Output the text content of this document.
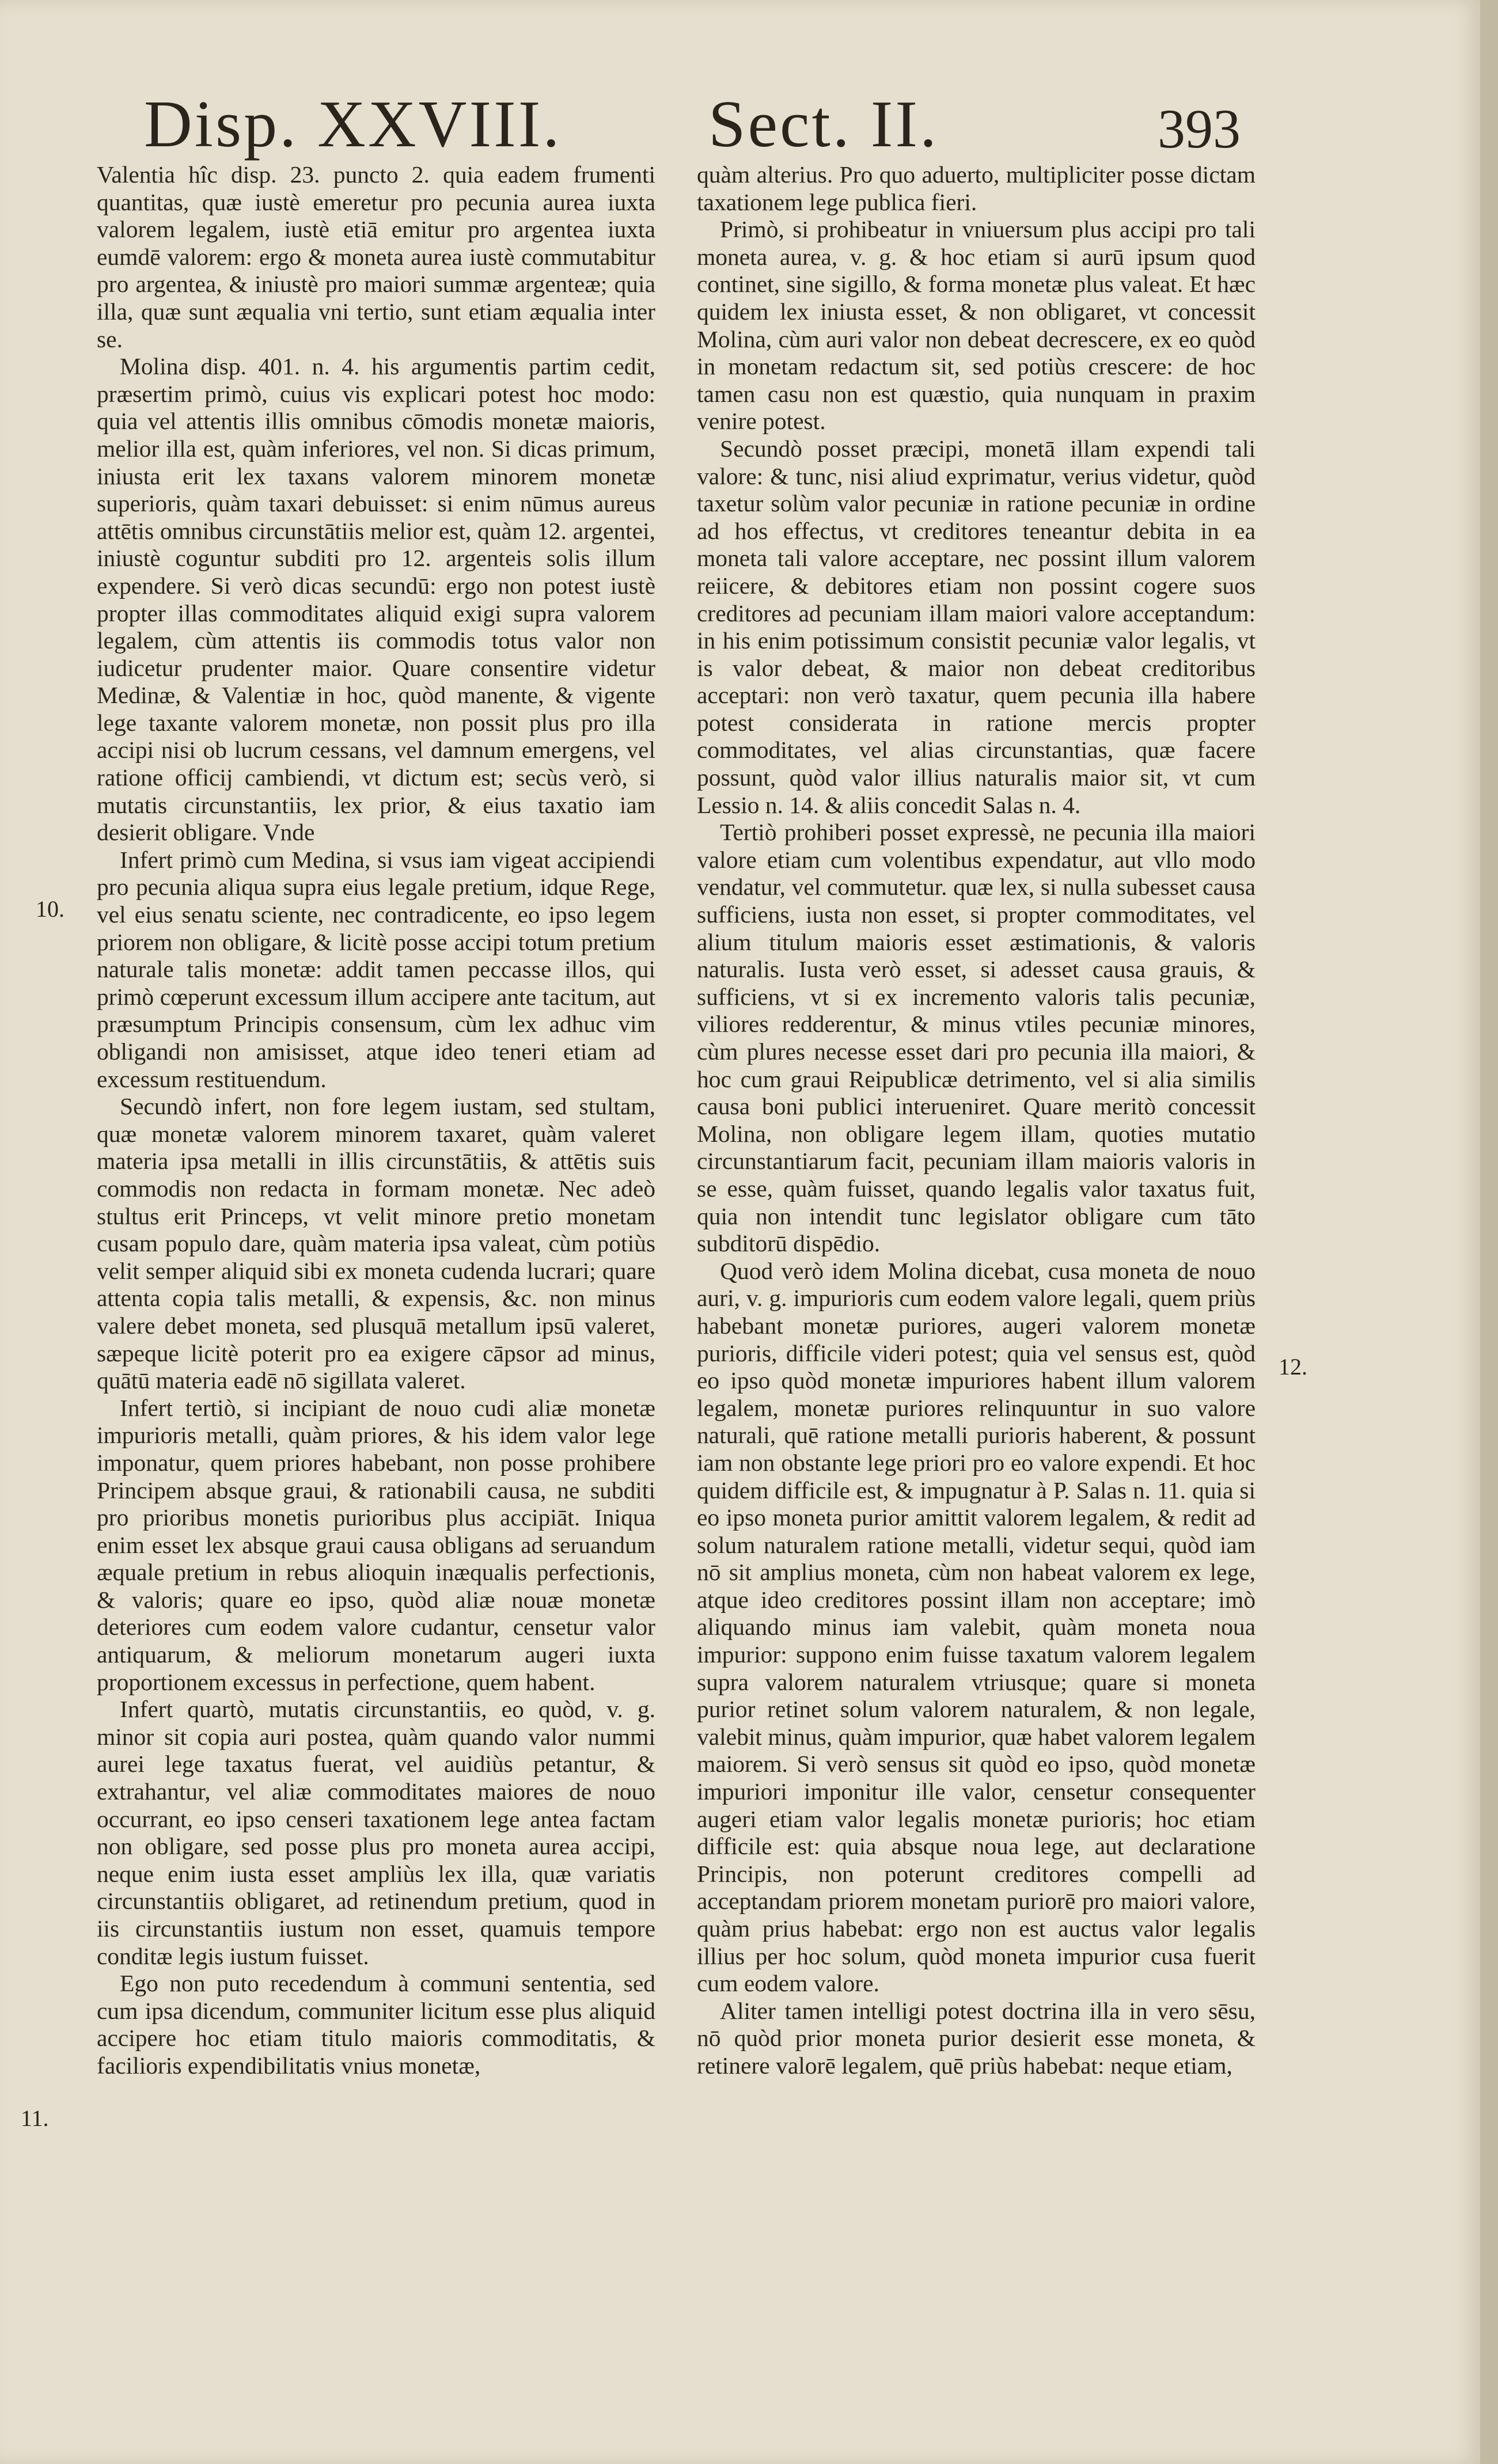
Disp. XXVIII. Sect. II.	393

Valentia hîc disp. 23. puncto 2. quia eadem frumenti quantitas, quæ iustè emeretur pro pecunia aurea iuxta valorem legalem, iustè etiā emitur pro argentea iuxta eumdē valorem: ergo & moneta aurea iustè commutabitur pro argentea, & iniustè pro maiori summæ argenteæ; quia illa, quæ sunt æqualia vni tertio, sunt etiam æqualia inter se.

Molina disp. 401. n. 4. his argumentis partim cedit, præsertim primò, cuius vis explicari potest hoc modo: quia vel attentis illis omnibus cōmodis monetæ maioris, melior illa est, quàm inferiores, vel non. Si dicas primum, iniusta erit lex taxans valorem minorem monetæ superioris, quàm taxari debuisset: si enim nūmus aureus attētis omnibus circunstātiis melior est, quàm 12. argentei, iniustè coguntur subditi pro 12. argenteis solis illum expendere. Si verò dicas secundū: ergo non potest iustè propter illas commoditates aliquid exigi supra valorem legalem, cùm attentis iis commodis totus valor non iudicetur prudenter maior. Quare consentire videtur Medinæ, & Valentiæ in hoc, quòd manente, & vigente lege taxante valorem monetæ, non possit plus pro illa accipi nisi ob lucrum cessans, vel damnum emergens, vel ratione officij cambiendi, vt dictum est; secùs verò, si mutatis circunstantiis, lex prior, & eius taxatio iam desierit obligare. Vnde

Infert primò cum Medina, si vsus iam vigeat accipiendi pro pecunia aliqua supra eius legale pretium, idque Rege, vel eius senatu sciente, nec contradicente, eo ipso legem priorem non obligare, & licitè posse accipi totum pretium naturale talis monetæ: addit tamen peccasse illos, qui primò cœperunt excessum illum accipere ante tacitum, aut præsumptum Principis consensum, cùm lex adhuc vim obligandi non amisisset, atque ideo teneri etiam ad excessum restituendum.

Secundò infert, non fore legem iustam, sed stultam, quæ monetæ valorem minorem taxaret, quàm valeret materia ipsa metalli in illis circunstātiis, & attētis suis commodis non redacta in formam monetæ. Nec adeò stultus erit Princeps, vt velit minore pretio monetam cusam populo dare, quàm materia ipsa valeat, cùm potiùs velit semper aliquid sibi ex moneta cudenda lucrari; quare attenta copia talis metalli, & expensis, &c. non minus valere debet moneta, sed plusquā metallum ipsū valeret, sæpeque licitè poterit pro ea exigere cāpsor ad minus, quātū materia eadē nō sigillata valeret.

Infert tertiò, si incipiant de nouo cudi aliæ monetæ impurioris metalli, quàm priores, & his idem valor lege imponatur, quem priores habebant, non posse prohibere Principem absque graui, & rationabili causa, ne subditi pro prioribus monetis purioribus plus accipiāt. Iniqua enim esset lex absque graui causa obligans ad seruandum æquale pretium in rebus alioquin inæqualis perfectionis, & valoris; quare eo ipso, quòd aliæ nouæ monetæ deteriores cum eodem valore cudantur, censetur valor antiquarum, & meliorum monetarum augeri iuxta proportionem excessus in perfectione, quem habent.

Infert quartò, mutatis circunstantiis, eo quòd, v. g. minor sit copia auri postea, quàm quando valor nummi aurei lege taxatus fuerat, vel auidiùs petantur, & extrahantur, vel aliæ commoditates maiores de nouo occurrant, eo ipso censeri taxationem lege antea factam non obligare, sed posse plus pro moneta aurea accipi, neque enim iusta esset ampliùs lex illa, quæ variatis circunstantiis obligaret, ad retinendum pretium, quod in iis circunstantiis iustum non esset, quamuis tempore conditæ legis iustum fuisset.

Ego non puto recedendum à communi sententia, sed cum ipsa dicendum, communiter licitum esse plus aliquid accipere hoc etiam titulo maioris commoditatis, & facilioris expendibilitatis vnius monetæ,

quàm alterius. Pro quo aduerto, multipliciter posse dictam taxationem lege publica fieri.

Primò, si prohibeatur in vniuersum plus accipi pro tali moneta aurea, v. g. & hoc etiam si aurū ipsum quod continet, sine sigillo, & forma monetæ plus valeat. Et hæc quidem lex iniusta esset, & non obligaret, vt concessit Molina, cùm auri valor non debeat decrescere, ex eo quòd in monetam redactum sit, sed potiùs crescere: de hoc tamen casu non est quæstio, quia nunquam in praxim venire potest.

Secundò posset præcipi, monetā illam expendi tali valore: & tunc, nisi aliud exprimatur, verius videtur, quòd taxetur solùm valor pecuniæ in ratione pecuniæ in ordine ad hos effectus, vt creditores teneantur debita in ea moneta tali valore acceptare, nec possint illum valorem reiicere, & debitores etiam non possint cogere suos creditores ad pecuniam illam maiori valore acceptandum: in his enim potissimum consistit pecuniæ valor legalis, vt is valor debeat, & maior non debeat creditoribus acceptari: non verò taxatur, quem pecunia illa habere potest considerata in ratione mercis propter commoditates, vel alias circunstantias, quæ facere possunt, quòd valor illius naturalis maior sit, vt cum Lessio n. 14. & aliis concedit Salas n. 4.

Tertiò prohiberi posset expressè, ne pecunia illa maiori valore etiam cum volentibus expendatur, aut vllo modo vendatur, vel commutetur. quæ lex, si nulla subesset causa sufficiens, iusta non esset, si propter commoditates, vel alium titulum maioris esset æstimationis, & valoris naturalis. Iusta verò esset, si adesset causa grauis, & sufficiens, vt si ex incremento valoris talis pecuniæ, viliores redderentur, & minus vtiles pecuniæ minores, cùm plures necesse esset dari pro pecunia illa maiori, & hoc cum graui Reipublicæ detrimento, vel si alia similis causa boni publici interueniret. Quare meritò concessit Molina, non obligare legem illam, quoties mutatio circunstantiarum facit, pecuniam illam maioris valoris in se esse, quàm fuisset, quando legalis valor taxatus fuit, quia non intendit tunc legislator obligare cum tāto subditorū dispēdio.

Quod verò idem Molina dicebat, cusa moneta de nouo auri, v. g. impurioris cum eodem valore legali, quem priùs habebant monetæ puriores, augeri valorem monetæ purioris, difficile videri potest; quia vel sensus est, quòd eo ipso quòd monetæ impuriores habent illum valorem legalem, monetæ puriores relinquuntur in suo valore naturali, quē ratione metalli purioris haberent, & possunt iam non obstante lege priori pro eo valore expendi. Et hoc quidem difficile est, & impugnatur à P. Salas n. 11. quia si eo ipso moneta purior amittit valorem legalem, & redit ad solum naturalem ratione metalli, videtur sequi, quòd iam nō sit amplius moneta, cùm non habeat valorem ex lege, atque ideo creditores possint illam non acceptare; imò aliquando minus iam valebit, quàm moneta noua impurior: suppono enim fuisse taxatum valorem legalem supra valorem naturalem vtriusque; quare si moneta purior retinet solum valorem naturalem, & non legale, valebit minus, quàm impurior, quæ habet valorem legalem maiorem. Si verò sensus sit quòd eo ipso, quòd monetæ impuriori imponitur ille valor, censetur consequenter augeri etiam valor legalis monetæ purioris; hoc etiam difficile est: quia absque noua lege, aut declaratione Principis, non poterunt creditores compelli ad acceptandam priorem monetam puriorē pro maiori valore, quàm prius habebat: ergo non est auctus valor legalis illius per hoc solum, quòd moneta impurior cusa fuerit cum eodem valore.

Aliter tamen intelligi potest doctrina illa in vero sēsu, nō quòd prior moneta purior desierit esse moneta, & retinere valorē legalem, quē priùs habebat: neque etiam,

10.
11.
12.
